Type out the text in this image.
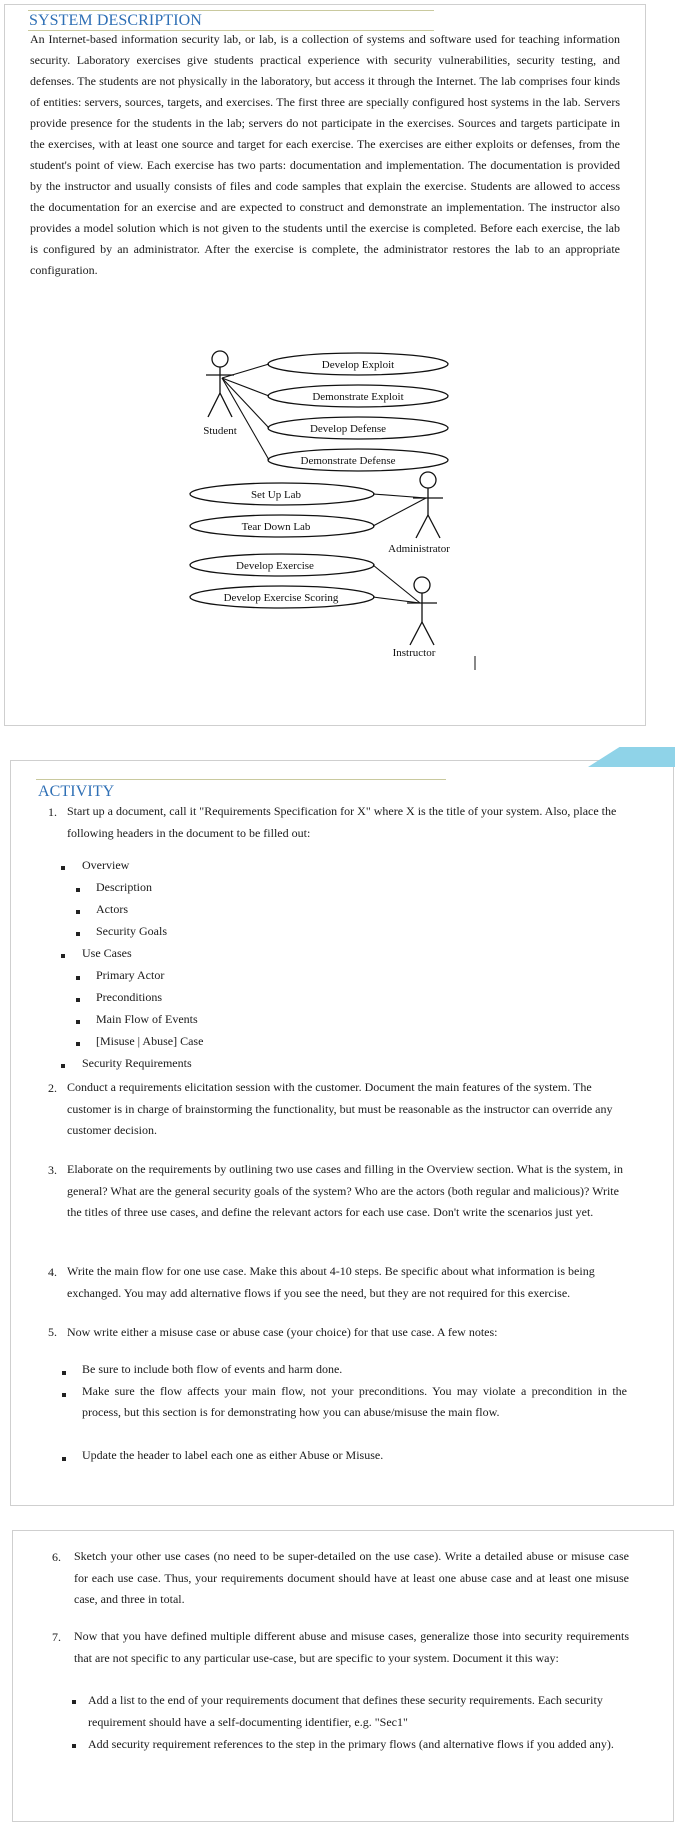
SYSTEM DESCRIPTION

An Internet-based information security lab, or lab, is a collection of systems and software used for teaching information security. Laboratory exercises give students practical experience with security vulnerabilities, security testing, and defenses. The students are not physically in the laboratory, but access it through the Internet. The lab comprises four kinds of entities: servers, sources, targets, and exercises. The first three are specially configured host systems in the lab. Servers provide presence for the students in the lab; servers do not participate in the exercises. Sources and targets participate in the exercises, with at least one source and target for each exercise. The exercises are either exploits or defenses, from the student's point of view. Each exercise has two parts: documentation and implementation. The documentation is provided by the instructor and usually consists of files and code samples that explain the exercise. Students are allowed to access the documentation for an exercise and are expected to construct and demonstrate an implementation. The instructor also provides a model solution which is not given to the students until the exercise is completed. Before each exercise, the lab is configured by an administrator. After the exercise is complete, the administrator restores the lab to an appropriate configuration.

Develop Exploit
Demonstrate Exploit
Develop Defense
Demonstrate Defense
Set Up Lab
Tear Down Lab
Develop Exercise
Develop Exercise Scoring
Student
Administrator
Instructor
ACTIVITY
1. Start up a document, call it "Requirements Specification for X" where X is the title of your system. Also, place the following headers in the document to be filled out:
Overview
Description
Actors
Security Goals
Use Cases
Primary Actor
Preconditions
Main Flow of Events
[Misuse | Abuse] Case
Security Requirements
2. Conduct a requirements elicitation session with the customer. Document the main features of the system. The customer is in charge of brainstorming the functionality, but must be reasonable as the instructor can override any customer decision.
3. Elaborate on the requirements by outlining two use cases and filling in the Overview section. What is the system, in general? What are the general security goals of the system? Who are the actors (both regular and malicious)? Write the titles of three use cases, and define the relevant actors for each use case. Don't write the scenarios just yet.
4. Write the main flow for one use case. Make this about 4-10 steps. Be specific about what information is being exchanged. You may add alternative flows if you see the need, but they are not required for this exercise.
5. Now write either a misuse case or abuse case (your choice) for that use case. A few notes:
Be sure to include both flow of events and harm done.
Make sure the flow affects your main flow, not your preconditions. You may violate a precondition in the process, but this section is for demonstrating how you can abuse/misuse the main flow.
Update the header to label each one as either Abuse or Misuse.
6. Sketch your other use cases (no need to be super-detailed on the use case). Write a detailed abuse or misuse case for each use case. Thus, your requirements document should have at least one abuse case and at least one misuse case, and three in total.
7. Now that you have defined multiple different abuse and misuse cases, generalize those into security requirements that are not specific to any particular use-case, but are specific to your system. Document it this way:
Add a list to the end of your requirements document that defines these security requirements. Each security requirement should have a self-documenting identifier, e.g. "Sec1"
Add security requirement references to the step in the primary flows (and alternative flows if you added any).
